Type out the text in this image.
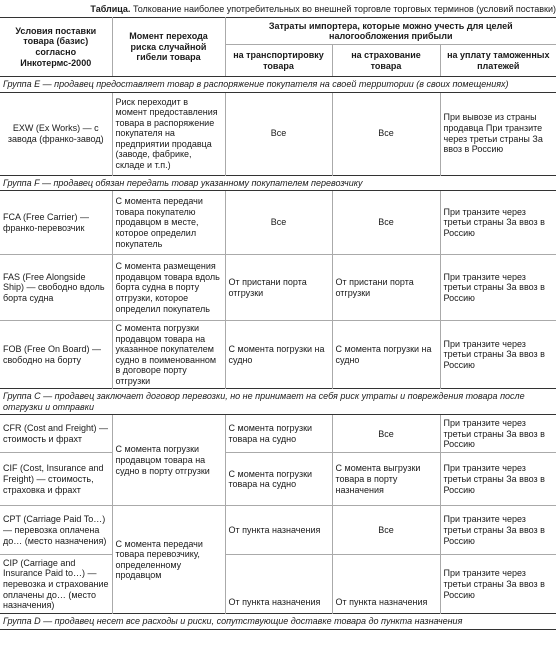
Таблица. Толкование наиболее употребительных во внешней торговле торговых терминов (условий поставки)
Условия поставки товара (базис) согласно Инкотермс-2000	Момент перехода риска случайной гибели товара	Затраты импортера, которые можно учесть для целей налогообложения прибыли		
		на транспортировку товара	на страхование товара	на уплату таможенных платежей
Группа E — продавец предоставляет товар в распоряжение покупателя на своей территории (в своих помещениях)				
EXW (Ex Works) — с завода (франко-завод)	Риск переходит в момент предоставления товара в распоряжение покупателя на предприятии продавца (заводе, фабрике, складе и т.п.)	Все	Все	При вывозе из страны продавца При транзите через третьи страны За ввоз в Россию
Группа F — продавец обязан передать товар указанному покупателем перевозчику				
FCA (Free Carrier) — франко-перевозчик	С момента передачи товара покупателю продавцом в месте, которое определил покупатель	Все	Все	При транзите через третьи страны За ввоз в Россию
FAS (Free Alongside Ship) — свободно вдоль борта судна	С момента размещения продавцом товара вдоль борта судна в порту отгрузки, которое определил покупатель	От пристани порта отгрузки	От пристани порта отгрузки	При транзите через третьи страны За ввоз в Россию
FOB (Free On Board) — свободно на борту	С момента погрузки продавцом товара на указанное покупателем судно в поименованном в договоре порту отгрузки	С момента погрузки на судно	С момента погрузки на судно	При транзите через третьи страны За ввоз в Россию
Группа C — продавец заключает договор перевозки, но не принимает на себя риск утраты и повреждения товара после отгрузки и отправки				
CFR (Cost and Freight) — стоимость и фрахт	С момента погрузки продавцом товара на судно в порту отгрузки	С момента погрузки товара на судно	Все	При транзите через третьи страны За ввоз в Россию
CIF (Cost, Insurance and Freight) — стоимость, страховка и фрахт		С момента погрузки товара на судно	С момента выгрузки товара в порту назначения	При транзите через третьи страны За ввоз в Россию
CPT (Carriage Paid To…) — перевозка оплачена до… (место назначения)	С момента передачи товара перевозчику, определенному продавцом	От пункта назначения	Все	При транзите через третьи страны За ввоз в Россию
CIP (Carriage and Insurance Paid to…) — перевозка и страхование оплачены до… (место назначения)		От пункта назначения	От пункта назначения	При транзите через третьи страны За ввоз в Россию
Группа D — продавец несет все расходы и риски, сопутствующие доставке товара до пункта назначения				
